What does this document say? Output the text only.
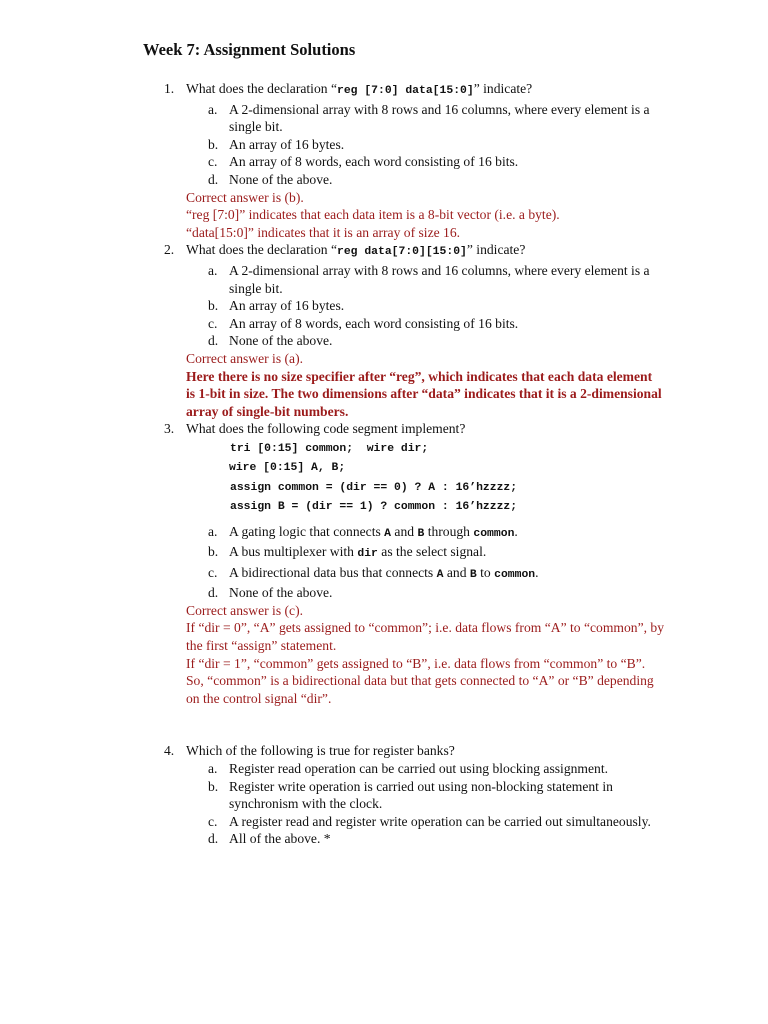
Week 7: Assignment Solutions
1. What does the declaration “reg [7:0] data[15:0]” indicate?
a. A 2-dimensional array with 8 rows and 16 columns, where every element is a single bit.
b. An array of 16 bytes.
c. An array of 8 words, each word consisting of 16 bits.
d. None of the above.
Correct answer is (b).
“reg [7:0]” indicates that each data item is a 8-bit vector (i.e. a byte).
“data[15:0]” indicates that it is an array of size 16.
2. What does the declaration “reg data[7:0][15:0]” indicate?
a. A 2-dimensional array with 8 rows and 16 columns, where every element is a single bit.
b. An array of 16 bytes.
c. An array of 8 words, each word consisting of 16 bits.
d. None of the above.
Correct answer is (a).
Here there is no size specifier after “reg”, which indicates that each data element is 1-bit in size. The two dimensions after “data” indicates that it is a 2-dimensional array of single-bit numbers.
3. What does the following code segment implement?
tri [0:15] common;  wire dir;
wire [0:15] A, B;
assign common = (dir == 0) ? A : 16’hzzzz;
assign B = (dir == 1) ? common : 16’hzzzz;
a. A gating logic that connects A and B through common.
b. A bus multiplexer with dir as the select signal.
c. A bidirectional data bus that connects A and B to common.
d. None of the above.
Correct answer is (c).
If “dir = 0”, “A” gets assigned to “common”; i.e. data flows from “A” to “common”, by the first “assign” statement.
If “dir = 1”, “common” gets assigned to “B”, i.e. data flows from “common” to “B”.
So, “common” is a bidirectional data but that gets connected to “A” or “B” depending on the control signal “dir”.
4. Which of the following is true for register banks?
a. Register read operation can be carried out using blocking assignment.
b. Register write operation is carried out using non-blocking statement in synchronism with the clock.
c. A register read and register write operation can be carried out simultaneously.
d. All of the above. *
